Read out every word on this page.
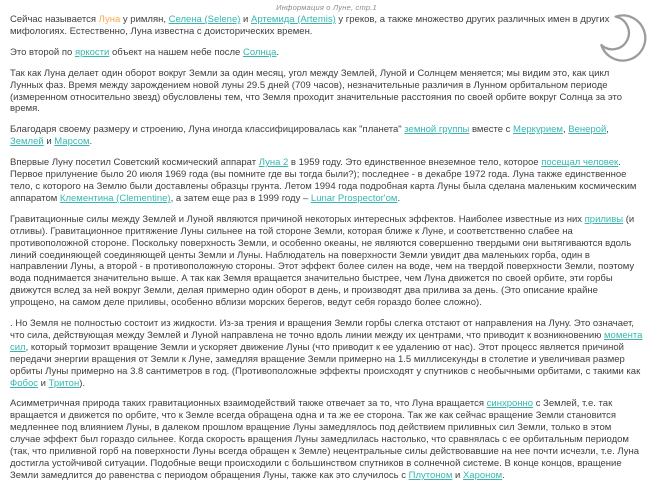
Информация о Луне, стр.1

Сейчас называется Луна у римлян, Селена (Selene) и Артемида (Artemis) у греков, а также множество других различных имен в других мифологиях. Естественно, Луна известна с доисторических времен.

Это второй по яркости объект на нашем небе после Солнца.

Так как Луна делает один оборот вокруг Земли за один месяц, угол между Землей, Луной и Солнцем меняется; мы видим это, как цикл Лунных фаз. Время между зарождением новой луны 29.5 дней (709 часов), незначительные различия в Лунном орбитальном периоде (измеренном относительно звезд) обусловлены тем, что Земля проходит значительные расстояния по своей орбите вокруг Солнца за это время.

Благодаря своему размеру и строению, Луна иногда классифицировалась как "планета" земной группы вместе с Меркурием, Венерой, Землей и Марсом.

Впервые Луну посетил Советский космический аппарат Луна 2 в 1959 году. Это единственное внеземное тело, которое посещал человек. Первое прилунение было 20 июля 1969 года (вы помните где вы тогда были?); последнее - в декабре 1972 года. Луна также единственное тело, с которого на Землю были доставлены образцы грунта. Летом 1994 года подробная карта Луны была сделана маленьким космическим аппаратом Клементина (Clementine), а затем еще раз в 1999 году – Lunar Prospector'ом.

Гравитационные силы между Землей и Луной являются причиной некоторых интересных эффектов. Наиболее известные из них приливы (и отливы). Гравитационное притяжение Луны сильнее на той стороне Земли, которая ближе к Луне, и соответственно слабее на противоположной стороне. Поскольку поверхность Земли, и особенно океаны, не являются совершенно твердыми они вытягиваются вдоль линий соединяющей соединяющей центы Земли и Луны. Наблюдатель на поверхности Земли увидит два маленьких горба, один в направлении Луны, а второй - в противоположную стороны. Этот эффект более силен на воде, чем на твердой поверхности Земли, поэтому вода поднимается значительно выше. А так как Земля вращается значительно быстрее, чем Луна движется по своей орбите, эти горбы движутся вслед за ней вокруг Земли, делая примерно один оборот в день, и производят два прилива за день. (Это описание крайне упрощено, на самом деле приливы, особенно вблизи морских берегов, ведут себя гораздо более сложно).

. Но Земля не полностью состоит из жидкости. Из-за трения и вращения Земли горбы слегка отстают от направления на Луну. Это означает, что сила, действующая между Землей и Луной направлена не точно вдоль линии между их центрами, что приводит к возникновению момента сил, который тормозит вращение Земли и ускоряет движение Луны (что приводит к ее удалению от нас). Этот процесс является причиной передачи энергии вращения от Земли к Луне, замедляя вращение Земли примерно на 1.5 миллисекунды в столетие и увеличивая размер орбиты Луны примерно на 3.8 сантиметров в год. (Противоположные эффекты происходят у спутников с необычными орбитами, с такими как Фобос и Тритон).

Асимметричная природа таких гравитационных взаимодействий также отвечает за то, что Луна вращается синхронно с Землей, т.е. так вращается и движется по орбите, что к Земле всегда обращена одна и та же ее сторона. Так же как сейчас вращение Земли становится медленнее под влиянием Луны, в далеком прошлом вращение Луны замедлялось под действием приливных сил Земли, только в этом случае эффект был гораздо сильнее. Когда скорость вращения Луны замедлилась настолько, что сравнялась с ее орбитальным периодом (так, что приливной горб на поверхности Луны всегда обращен к Земле) нецентральные силы действовавшие на нее почти исчезли, т.е. Луна достигла устойчивой ситуации. Подобные вещи происходили с большинством спутников в солнечной системе. В конце концов, вращение Земли замедлится до равенства с периодом обращения Луны, также как это случилось с Плутоном и Хароном.
